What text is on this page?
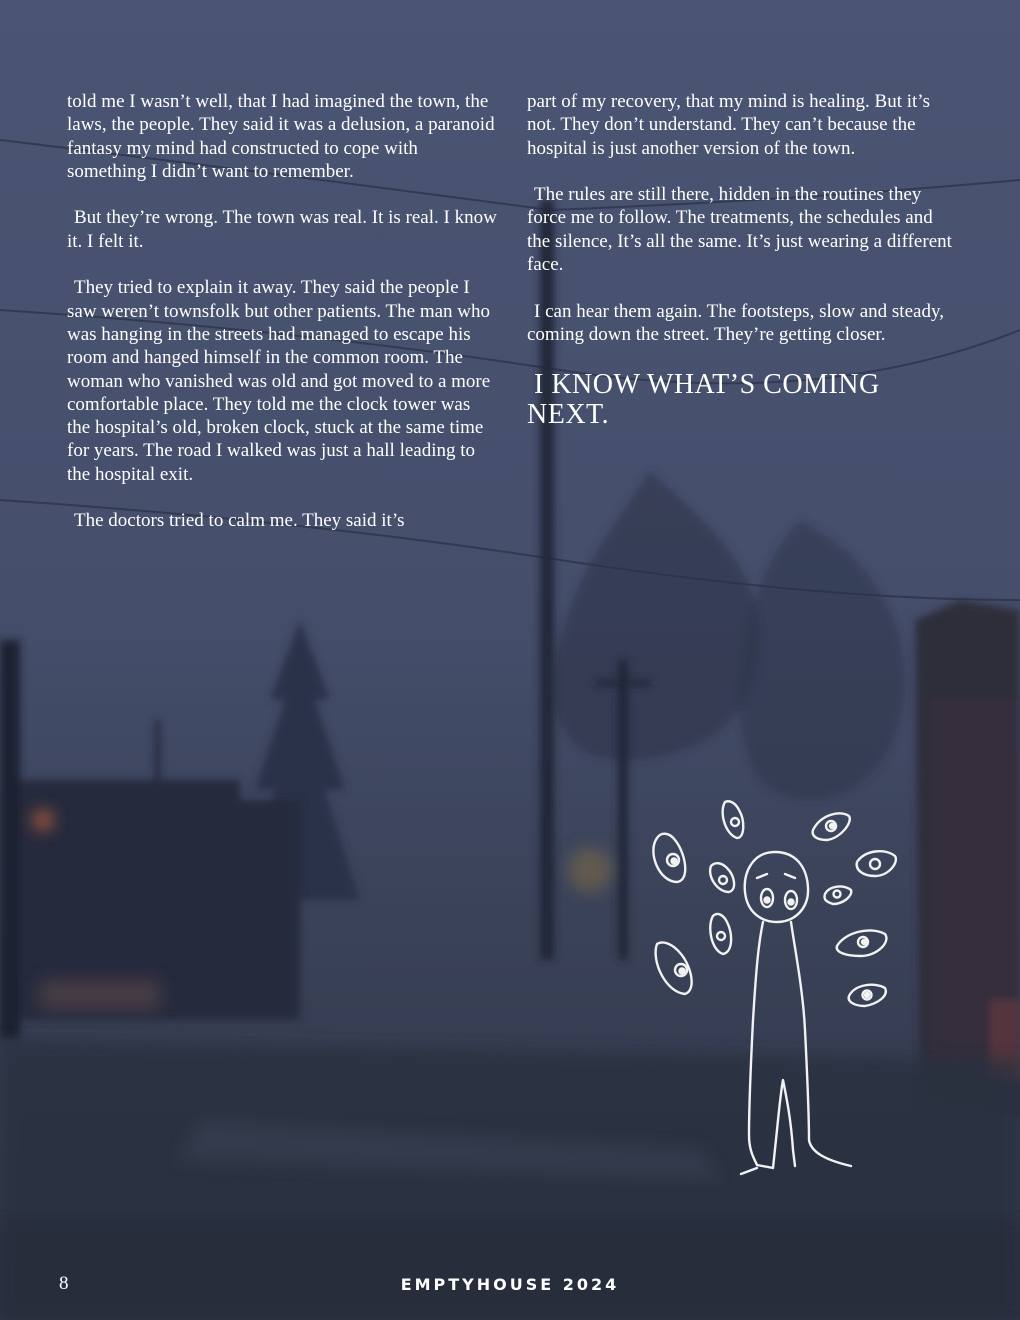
told me I wasn’t well, that I had imagined the town, the laws, the people. They said it was a delusion, a paranoid fantasy my mind had constructed to cope with something I didn’t want to remember.

But they’re wrong. The town was real. It is real. I know it. I felt it.

They tried to explain it away. They said the people I saw weren’t townsfolk but other patients. The man who was hanging in the streets had managed to escape his room and hanged himself in the common room. The woman who vanished was old and got moved to a more comfortable place. They told me the clock tower was the hospital’s old, broken clock, stuck at the same time for years. The road I walked was just a hall leading to the hospital exit.

The doctors tried to calm me. They said it’s

part of my recovery, that my mind is healing. But it’s not. They don’t understand. They can’t because the hospital is just another version of the town.

The rules are still there, hidden in the routines they force me to follow. The treatments, the schedules and the silence, It’s all the same. It’s just wearing a different face.

I can hear them again. The footsteps, slow and steady, coming down the street. They’re getting closer.

I KNOW WHAT’S COMING NEXT.
8	EMPTYHOUSE 2024
